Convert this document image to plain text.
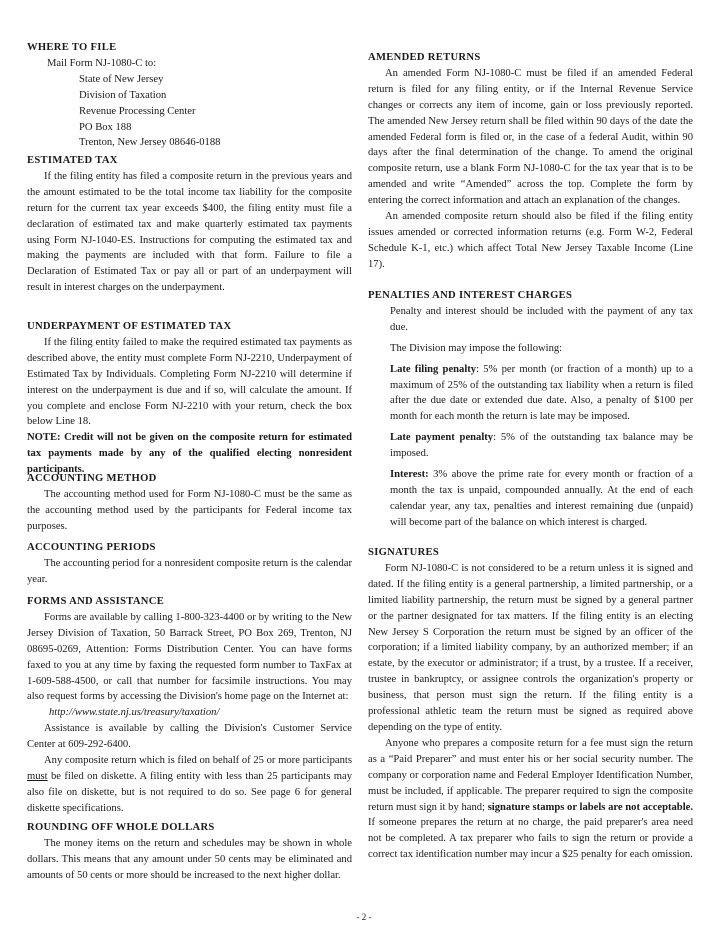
WHERE TO FILE
Mail Form NJ-1080-C to:
State of New Jersey
Division of Taxation
Revenue Processing Center
PO Box 188
Trenton, New Jersey 08646-0188
ESTIMATED TAX

If the filing entity has filed a composite return in the previous years and the amount estimated to be the total income tax liability for the composite return for the current tax year exceeds $400, the filing entity must file a declaration of estimated tax and make quarterly estimated tax payments using Form NJ-1040-ES. Instructions for computing the estimated tax and making the payments are included with that form. Failure to file a Declaration of Estimated Tax or pay all or part of an underpayment will result in interest charges on the underpayment.

UNDERPAYMENT OF ESTIMATED TAX

If the filing entity failed to make the required estimated tax payments as described above, the entity must complete Form NJ-2210, Underpayment of Estimated Tax by Individuals. Completing Form NJ-2210 will determine if interest on the underpayment is due and if so, will calculate the amount. If you complete and enclose Form NJ-2210 with your return, check the box below Line 18.

NOTE: Credit will not be given on the composite return for estimated tax payments made by any of the qualified electing nonresident participants.

ACCOUNTING METHOD

The accounting method used for Form NJ-1080-C must be the same as the accounting method used by the participants for Federal income tax purposes.

ACCOUNTING PERIODS

The accounting period for a nonresident composite return is the calendar year.

FORMS AND ASSISTANCE

Forms are available by calling 1-800-323-4400 or by writing to the New Jersey Division of Taxation, 50 Barrack Street, PO Box 269, Trenton, NJ 08695-0269, Attention: Forms Distribution Center. You can have forms faxed to you at any time by faxing the requested form number to TaxFax at 1-609-588-4500, or call that number for facsimile instructions. You may also request forms by accessing the Division's home page on the Internet at:

http://www.state.nj.us/treasury/taxation/

Assistance is available by calling the Division's Customer Service Center at 609-292-6400.

Any composite return which is filed on behalf of 25 or more participants must be filed on diskette. A filing entity with less than 25 participants may also file on diskette, but is not required to do so. See page 6 for general diskette specifications.

ROUNDING OFF WHOLE DOLLARS

The money items on the return and schedules may be shown in whole dollars. This means that any amount under 50 cents may be eliminated and amounts of 50 cents or more should be increased to the next higher dollar.

AMENDED RETURNS

An amended Form NJ-1080-C must be filed if an amended Federal return is filed for any filing entity, or if the Internal Revenue Service changes or corrects any item of income, gain or loss previously reported. The amended New Jersey return shall be filed within 90 days of the date the amended Federal form is filed or, in the case of a federal Audit, within 90 days after the final determination of the change. To amend the original composite return, use a blank Form NJ-1080-C for the tax year that is to be amended and write “Amended” across the top. Complete the form by entering the correct information and attach an explanation of the changes.

An amended composite return should also be filed if the filing entity issues amended or corrected information returns (e.g. Form W-2, Federal Schedule K-1, etc.) which affect Total New Jersey Taxable Income (Line 17).

PENALTIES AND INTEREST CHARGES

Penalty and interest should be included with the payment of any tax due.

The Division may impose the following:

Late filing penalty: 5% per month (or fraction of a month) up to a maximum of 25% of the outstanding tax liability when a return is filed after the due date or extended due date. Also, a penalty of $100 per month for each month the return is late may be imposed.

Late payment penalty: 5% of the outstanding tax balance may be imposed.

Interest: 3% above the prime rate for every month or fraction of a month the tax is unpaid, compounded annually. At the end of each calendar year, any tax, penalties and interest remaining due (unpaid) will become part of the balance on which interest is charged.

SIGNATURES

Form NJ-1080-C is not considered to be a return unless it is signed and dated. If the filing entity is a general partnership, a limited partnership, or a limited liability partnership, the return must be signed by a general partner or the partner designated for tax matters. If the filing entity is an electing New Jersey S Corporation the return must be signed by an officer of the corporation; if a limited liability company, by an authorized member; if an estate, by the executor or administrator; if a trust, by a trustee. If a receiver, trustee in bankruptcy, or assignee controls the organization's property or business, that person must sign the return. If the filing entity is a professional athletic team the return must be signed as required above depending on the type of entity.

Anyone who prepares a composite return for a fee must sign the return as a “Paid Preparer” and must enter his or her social security number. The company or corporation name and Federal Employer Identification Number, must be included, if applicable. The preparer required to sign the composite return must sign it by hand; signature stamps or labels are not acceptable. If someone prepares the return at no charge, the paid preparer's area need not be completed. A tax preparer who fails to sign the return or provide a correct tax identification number may incur a $25 penalty for each omission.

- 2 -
